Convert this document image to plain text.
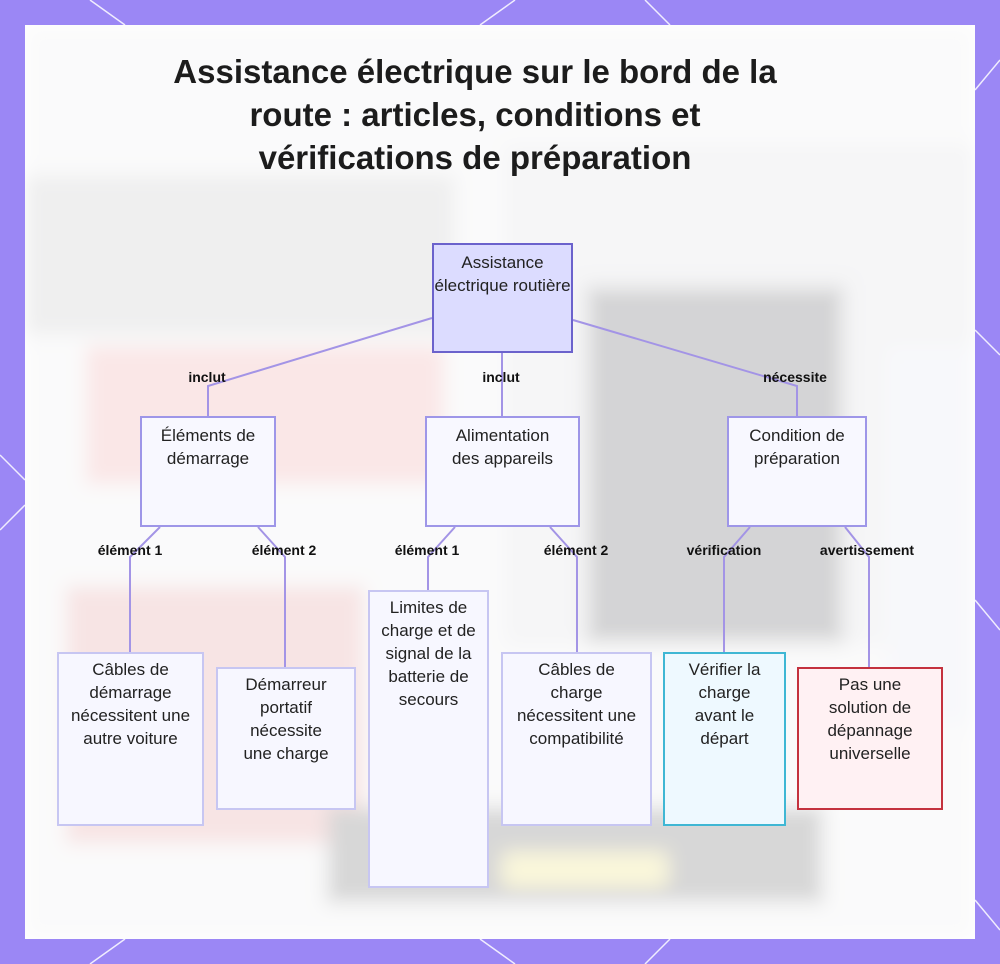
Assistance électrique sur le bord de la route : articles, conditions et vérifications de préparation
inclut	inclut	nécessite
élément 1	élément 2	élément 1	élément 2	vérification	avertissement
Assistance électrique routière
Éléments de démarrage
Alimentation des appareils
Condition de préparation
Câbles de démarrage nécessitent une autre voiture
Démarreur portatif nécessite une charge
Limites de charge et de signal de la batterie de secours
Câbles de charge nécessitent une compatibilité
Vérifier la charge avant le départ
Pas une solution de dépannage universelle
